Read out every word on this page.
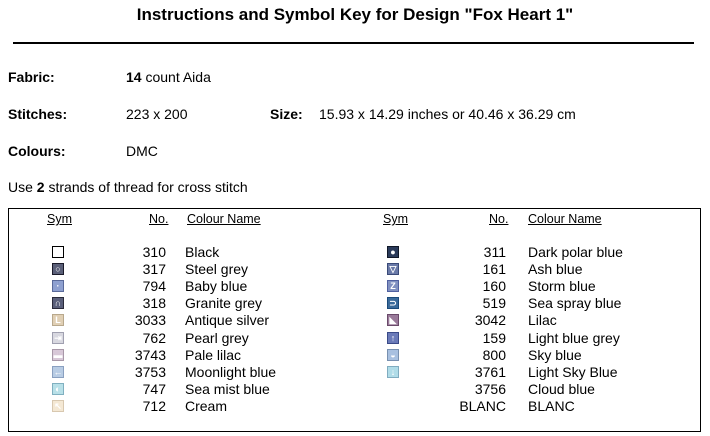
Instructions and Symbol Key for Design "Fox Heart 1"
Fabric:	14 count Aida
Stitches:	223 x 200	Size: 15.93 x 14.29 inches or 40.46 x 36.29 cm
Colours:	DMC
Use 2 strands of thread for cross stitch
Sym	No. Colour Name	Sym	No. Colour Name
310 Black
○	317 Steel grey
·	794 Baby blue
∩	318 Granite grey
L	3033 Antique silver
⇥	762 Pearl grey
▬	3743 Pale lilac
←	3753 Moonlight blue
◐	747 Sea mist blue
↖	712 Cream
●	311 Dark polar blue
▽	161 Ash blue
Z	160 Storm blue
⊃	519 Sea spray blue
◣	3042 Lilac
↑	159 Light blue grey
◒	800 Sky blue
↓	3761 Light Sky Blue
↵	3756 Cloud blue
BLANC BLANC
